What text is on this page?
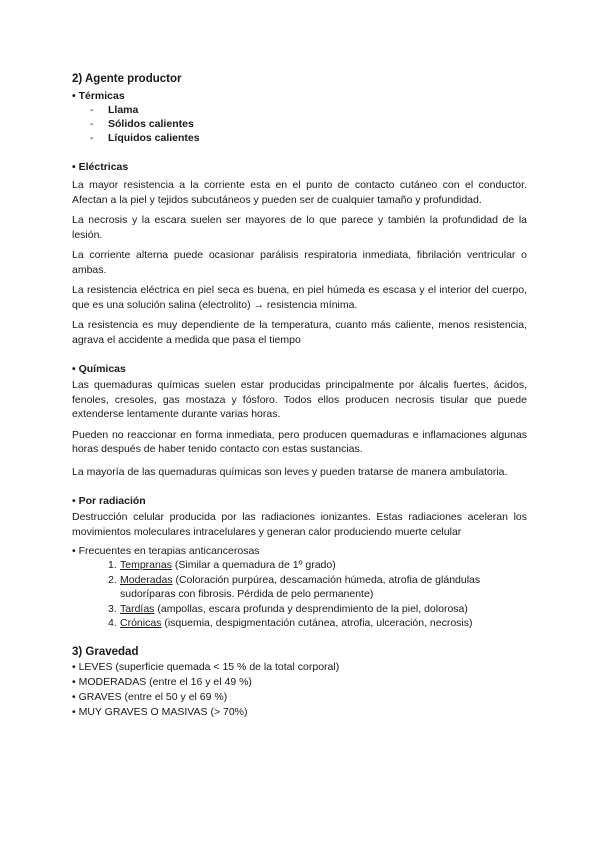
2) Agente productor

• Térmicas

- Llama
- Sólidos calientes
- Líquidos calientes

• Eléctricas

La mayor resistencia a la corriente esta en el punto de contacto cutáneo con el conductor. Afectan a la piel y tejidos subcutáneos y pueden ser de cualquier tamaño y profundidad.

La necrosis y la escara suelen ser mayores de lo que parece y también la profundidad de la lesión.

La corriente alterna puede ocasionar parálisis respiratoria inmediata, fibrilación ventricular o ambas.

La resistencia eléctrica en piel seca es buena, en piel húmeda es escasa y el interior del cuerpo, que es una solución salina (electrolito) → resistencia mínima.

La resistencia es muy dependiente de la temperatura, cuanto más caliente, menos resistencia, agrava el accidente a medida que pasa el tiempo

• Químicas

Las quemaduras químicas suelen estar producidas principalmente por álcalis fuertes, ácidos, fenoles, cresoles, gas mostaza y fósforo. Todos ellos producen necrosis tisular que puede extenderse lentamente durante varias horas.

Pueden no reaccionar en forma inmediata, pero producen quemaduras e inflamaciones algunas horas después de haber tenido contacto con estas sustancias.

La mayoría de las quemaduras químicas son leves y pueden tratarse de manera ambulatoria.

• Por radiación

Destrucción celular producida por las radiaciones ionizantes. Estas radiaciones aceleran los movimientos moleculares intracelulares y generan calor produciendo muerte celular

• Frecuentes en terapias anticancerosas

1. Tempranas (Similar a quemadura de 1º grado)
2. Moderadas (Coloración purpúrea, descamación húmeda, atrofia de glándulas sudoríparas con fibrosis. Pérdida de pelo permanente)
3. Tardías (ampollas, escara profunda y desprendimiento de la piel, dolorosa)
4. Crónicas (isquemia, despigmentación cutánea, atrofia, ulceración, necrosis)

3) Gravedad

• LEVES (superficie quemada < 15 % de la total corporal)

• MODERADAS (entre el 16 y el 49 %)

• GRAVES (entre el 50 y el 69 %)

• MUY GRAVES O MASIVAS (> 70%)
